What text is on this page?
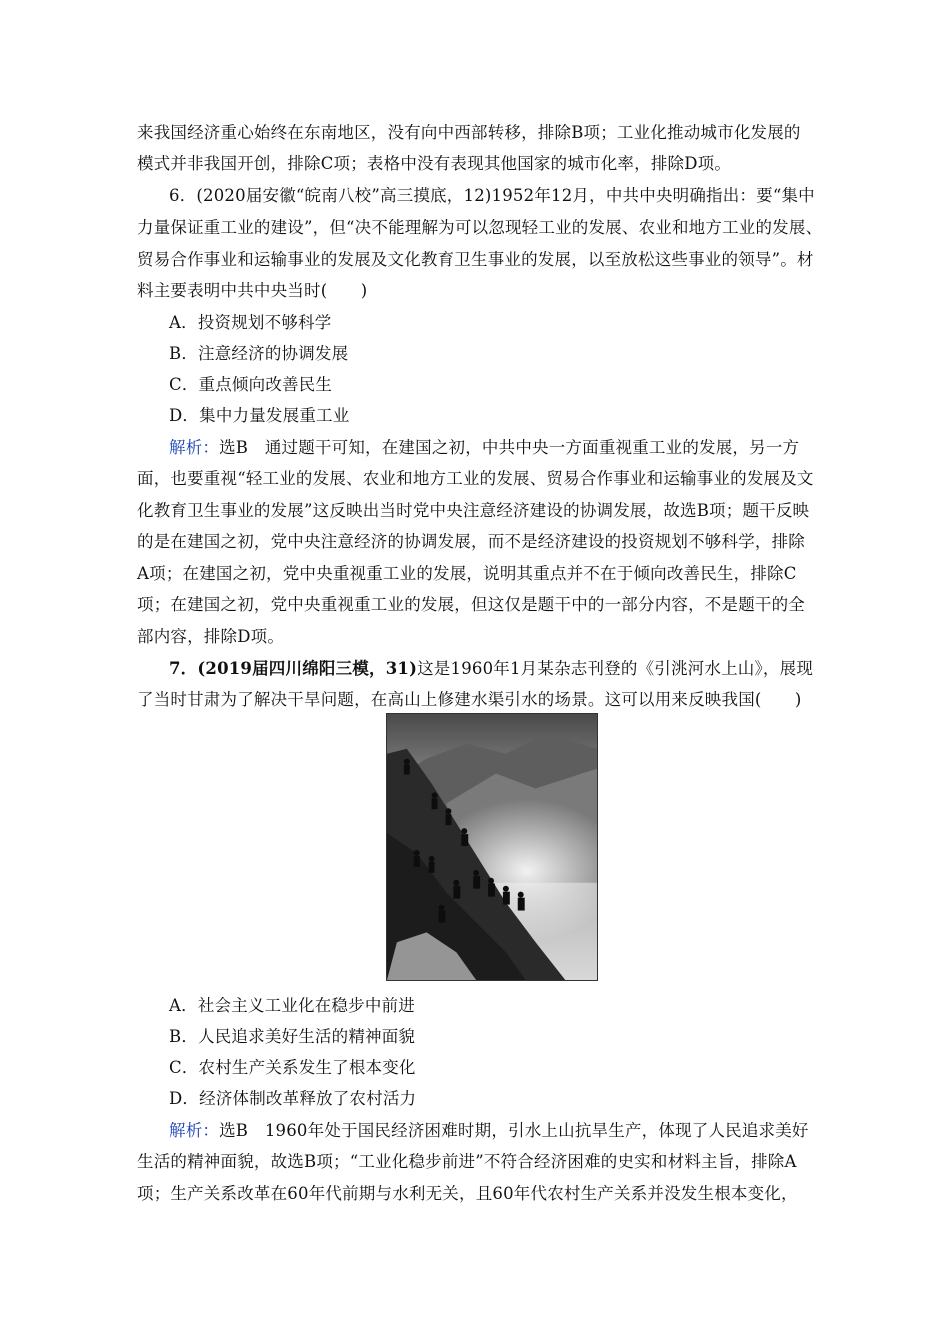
来我国经济重心始终在东南地区，没有向中西部转移，排除B项；工业化推动城市化发展的
模式并非我国开创，排除C项；表格中没有表现其他国家的城市化率，排除D项。
6．(2020届安徽“皖南八校”高三摸底，12)1952年12月，中共中央明确指出：要“集中
力量保证重工业的建设”，但“决不能理解为可以忽现轻工业的发展、农业和地方工业的发展、
贸易合作事业和运输事业的发展及文化教育卫生事业的发展，以至放松这些事业的领导”。材
料主要表明中共中央当时(　　)
A．投资规划不够科学
B．注意经济的协调发展
C．重点倾向改善民生
D．集中力量发展重工业
解析：选B　通过题干可知，在建国之初，中共中央一方面重视重工业的发展，另一方
面，也要重视“轻工业的发展、农业和地方工业的发展、贸易合作事业和运输事业的发展及文
化教育卫生事业的发展”这反映出当时党中央注意经济建设的协调发展，故选B项；题干反映
的是在建国之初，党中央注意经济的协调发展，而不是经济建设的投资规划不够科学，排除
A项；在建国之初，党中央重视重工业的发展，说明其重点并不在于倾向改善民生，排除C
项；在建国之初，党中央重视重工业的发展，但这仅是题干中的一部分内容，不是题干的全
部内容，排除D项。
7．(2019届四川绵阳三模，31)这是1960年1月某杂志刊登的《引洮河水上山》，展现
了当时甘肃为了解决干旱问题，在高山上修建水渠引水的场景。这可以用来反映我国(　　)
A．社会主义工业化在稳步中前进
B．人民追求美好生活的精神面貌
C．农村生产关系发生了根本变化
D．经济体制改革释放了农村活力
解析：选B　1960年处于国民经济困难时期，引水上山抗旱生产，体现了人民追求美好
生活的精神面貌，故选B项；“工业化稳步前进”不符合经济困难的史实和材料主旨，排除A
项；生产关系改革在60年代前期与水利无关，且60年代农村生产关系并没发生根本变化，
